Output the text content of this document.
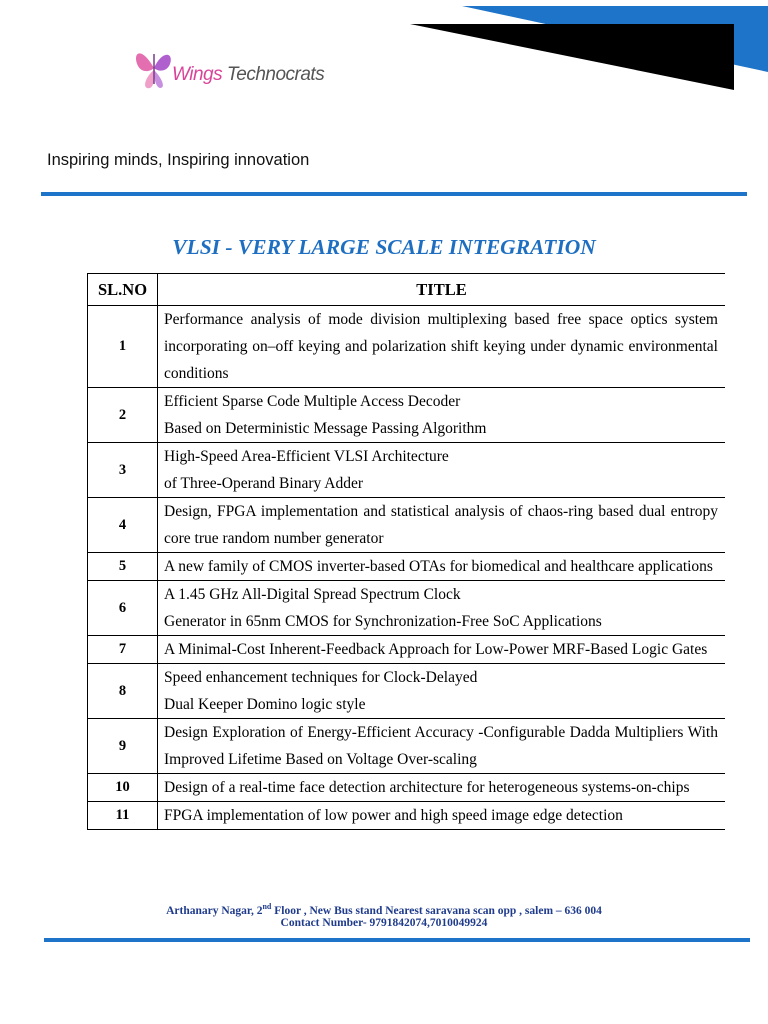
Wings Technocrats
Inspiring minds, Inspiring innovation
VLSI - VERY LARGE SCALE INTEGRATION
SL.NO	TITLE
1	Performance analysis of mode division multiplexing based free space optics system incorporating on–off keying and polarization shift keying under dynamic environmental conditions
2	Efficient Sparse Code Multiple Access Decoder
Based on Deterministic Message Passing Algorithm

3	High-Speed Area-Efficient VLSI Architecture
of Three-Operand Binary Adder

4	Design, FPGA implementation and statistical analysis of chaos-ring based dual entropy core true random number generator
5	A new family of CMOS inverter-based OTAs for biomedical and healthcare applications
6	A 1.45 GHz All-Digital Spread Spectrum Clock
Generator in 65nm CMOS for Synchronization-Free SoC Applications

7	A Minimal-Cost Inherent-Feedback Approach for Low-Power MRF-Based Logic Gates
8	Speed enhancement techniques for Clock-Delayed
Dual Keeper Domino logic style

9	Design Exploration of Energy-Efficient Accuracy -Configurable Dadda Multipliers With Improved Lifetime Based on Voltage Over-scaling
10	Design of a real-time face detection architecture for heterogeneous systems-on-chips
11	FPGA implementation of low power and high speed image edge detection
Arthanary Nagar, 2nd Floor , New Bus stand Nearest saravana scan opp , salem – 636 004
Contact Number- 9791842074,7010049924
